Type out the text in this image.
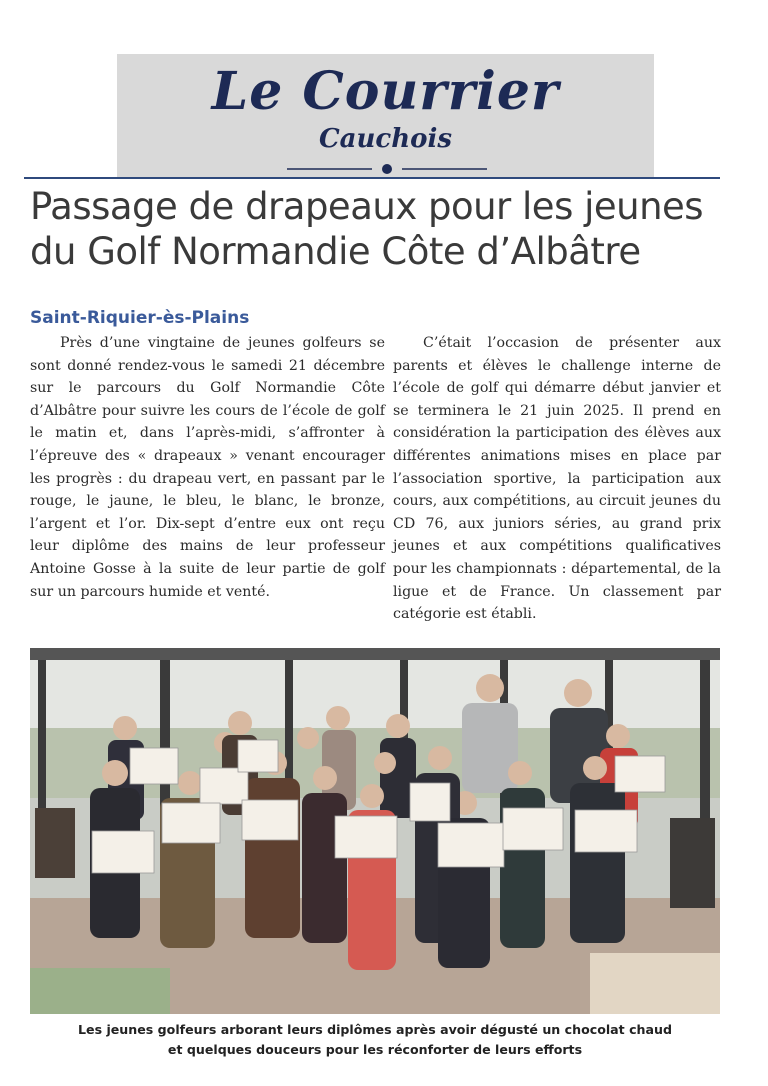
Le Courrier
Cauchois
Passage de drapeaux pour les jeunes du Golf Normandie Côte d’Albâtre
Saint-Riquier-ès-Plains
Près d’une vingtaine de jeunes golfeurs se sont donné rendez-vous le samedi 21 décembre sur le parcours du Golf Normandie Côte d’Albâtre pour suivre les cours de l’école de golf le matin et, dans l’après-midi, s’affronter à l’épreuve des « drapeaux » venant encourager les progrès : du drapeau vert, en passant par le rouge, le jaune, le bleu, le blanc, le bronze, l’argent et l’or. Dix-sept d’entre eux ont reçu leur diplôme des mains de leur professeur Antoine Gosse à la suite de leur partie de golf sur un parcours humide et venté.
C’était l’occasion de présenter aux parents et élèves le challenge interne de l’école de golf qui démarre début janvier et se terminera le 21 juin 2025. Il prend en considération la participation des élèves aux différentes animations mises en place par l’association sportive, la participation aux cours, aux compétitions, au circuit jeunes du CD 76, aux juniors séries, au grand prix jeunes et aux compétitions qualificatives pour les championnats : départemental, de la ligue et de France. Un classement par catégorie est établi.
Les jeunes golfeurs arborant leurs diplômes après avoir dégusté un chocolat chaud
et quelques douceurs pour les réconforter de leurs efforts
